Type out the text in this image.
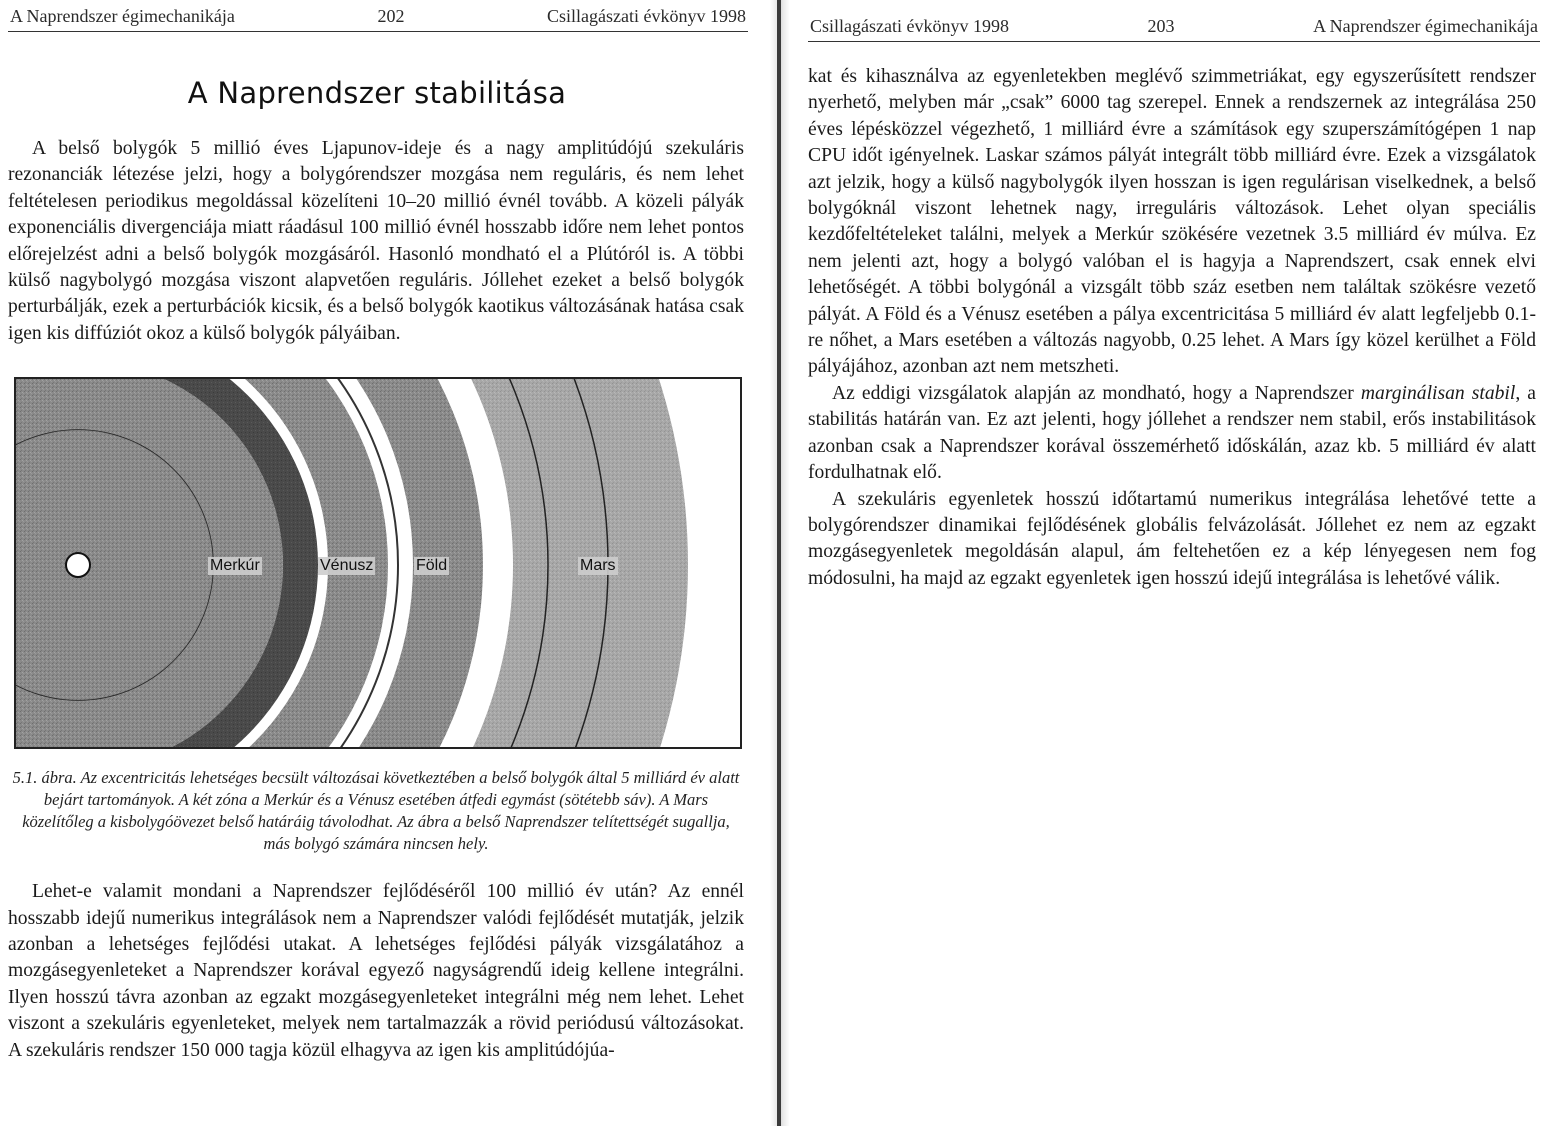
A Naprendszer égimechanikája	202	Csillagászati évkönyv 1998
A Naprendszer stabilitása

A belső bolygók 5 millió éves Ljapunov-ideje és a nagy amplitúdójú szekuláris rezonanciák létezése jelzi, hogy a bolygórendszer mozgása nem reguláris, és nem lehet feltételesen periodikus megoldással közelíteni 10–20 millió évnél tovább. A közeli pályák exponenciális divergenciája miatt ráadásul 100 millió évnél hosszabb időre nem lehet pontos előrejelzést adni a belső bolygók mozgásáról. Hasonló mondható el a Plútóról is. A többi külső nagybolygó mozgása viszont alapvetően reguláris. Jóllehet ezeket a belső bolygók perturbálják, ezek a perturbációk kicsik, és a belső bolygók kaotikus változásának hatása csak igen kis diffúziót okoz a külső bolygók pályáiban.

Merkúr	Vénusz	Föld	Mars

5.1. ábra. Az excentricitás lehetséges becsült változásai következtében a belső bolygók által 5 milliárd év alatt bejárt tartományok. A két zóna a Merkúr és a Vénusz esetében átfedi egymást (sötétebb sáv). A Mars közelítőleg a kisbolygóövezet belső határáig távolodhat. Az ábra a belső Naprendszer telítettségét sugallja, más bolygó számára nincsen hely.

Lehet-e valamit mondani a Naprendszer fejlődéséről 100 millió év után? Az ennél hosszabb idejű numerikus integrálások nem a Naprendszer valódi fejlődését mutatják, jelzik azonban a lehetséges fejlődési utakat. A lehetséges fejlődési pályák vizsgálatához a mozgásegyenleteket a Naprendszer korával egyező nagyságrendű ideig kellene integrálni. Ilyen hosszú távra azonban az egzakt mozgásegyenleteket integrálni még nem lehet. Lehet viszont a szekuláris egyenleteket, melyek nem tartalmazzák a rövid periódusú változásokat. A szekuláris rendszer 150 000 tagja közül elhagyva az igen kis amplitúdójúa-

Csillagászati évkönyv 1998	203	A Naprendszer égimechanikája

kat és kihasználva az egyenletekben meglévő szimmetriákat, egy egyszerűsített rendszer nyerhető, melyben már „csak” 6000 tag szerepel. Ennek a rendszernek az integrálása 250 éves lépésközzel végezhető, 1 milliárd évre a számítások egy szuperszámítógépen 1 nap CPU időt igényelnek. Laskar számos pályát integrált több milliárd évre. Ezek a vizsgálatok azt jelzik, hogy a külső nagybolygók ilyen hosszan is igen regulárisan viselkednek, a belső bolygóknál viszont lehetnek nagy, irreguláris változások. Lehet olyan speciális kezdőfeltételeket találni, melyek a Merkúr szökésére vezetnek 3.5 milliárd év múlva. Ez nem jelenti azt, hogy a bolygó valóban el is hagyja a Naprendszert, csak ennek elvi lehetőségét. A többi bolygónál a vizsgált több száz esetben nem találtak szökésre vezető pályát. A Föld és a Vénusz esetében a pálya excentricitása 5 milliárd év alatt legfeljebb 0.1-re nőhet, a Mars esetében a változás nagyobb, 0.25 lehet. A Mars így közel kerülhet a Föld pályájához, azonban azt nem metszheti.

Az eddigi vizsgálatok alapján az mondható, hogy a Naprendszer marginálisan stabil, a stabilitás határán van. Ez azt jelenti, hogy jóllehet a rendszer nem stabil, erős instabilitások azonban csak a Naprendszer korával összemérhető időskálán, azaz kb. 5 milliárd év alatt fordulhatnak elő.

A szekuláris egyenletek hosszú időtartamú numerikus integrálása lehetővé tette a bolygórendszer dinamikai fejlődésének globális felvázolását. Jóllehet ez nem az egzakt mozgásegyenletek megoldásán alapul, ám feltehetően ez a kép lényegesen nem fog módosulni, ha majd az egzakt egyenletek igen hosszú idejű integrálása is lehetővé válik.
